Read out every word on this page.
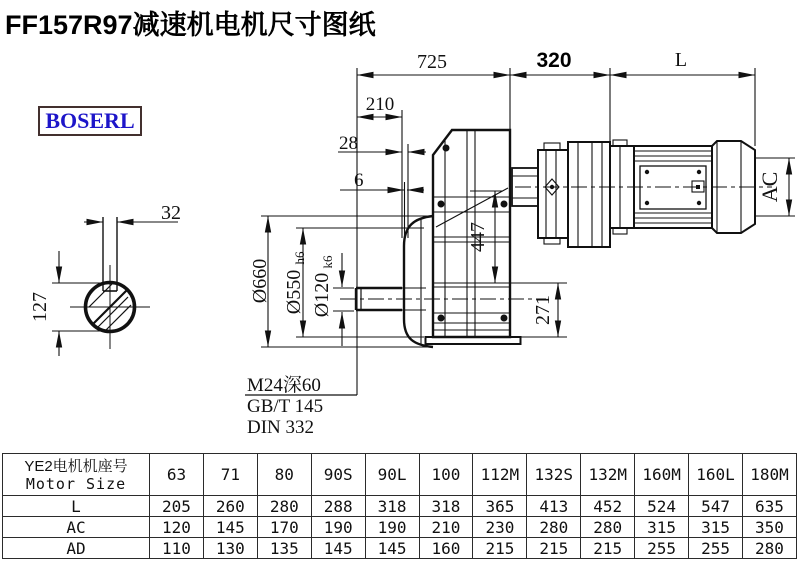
FF157R97减速机电机尺寸图纸
BOSERL
32
127
725	320	L
210
28
6
Ø660 Ø550
h6
Ø120
k6
447
271
AC
M24深60
GB/T 145
DIN 332
YE2电机机座号
Motor Size	63	71	80	90S	90L	100	112M	132S	132M	160M	160L	180M
L	205	260	280	288	318	318	365	413	452	524	547	635
AC	120	145	170	190	190	210	230	280	280	315	315	350
AD	110	130	135	145	145	160	215	215	215	255	255	280
